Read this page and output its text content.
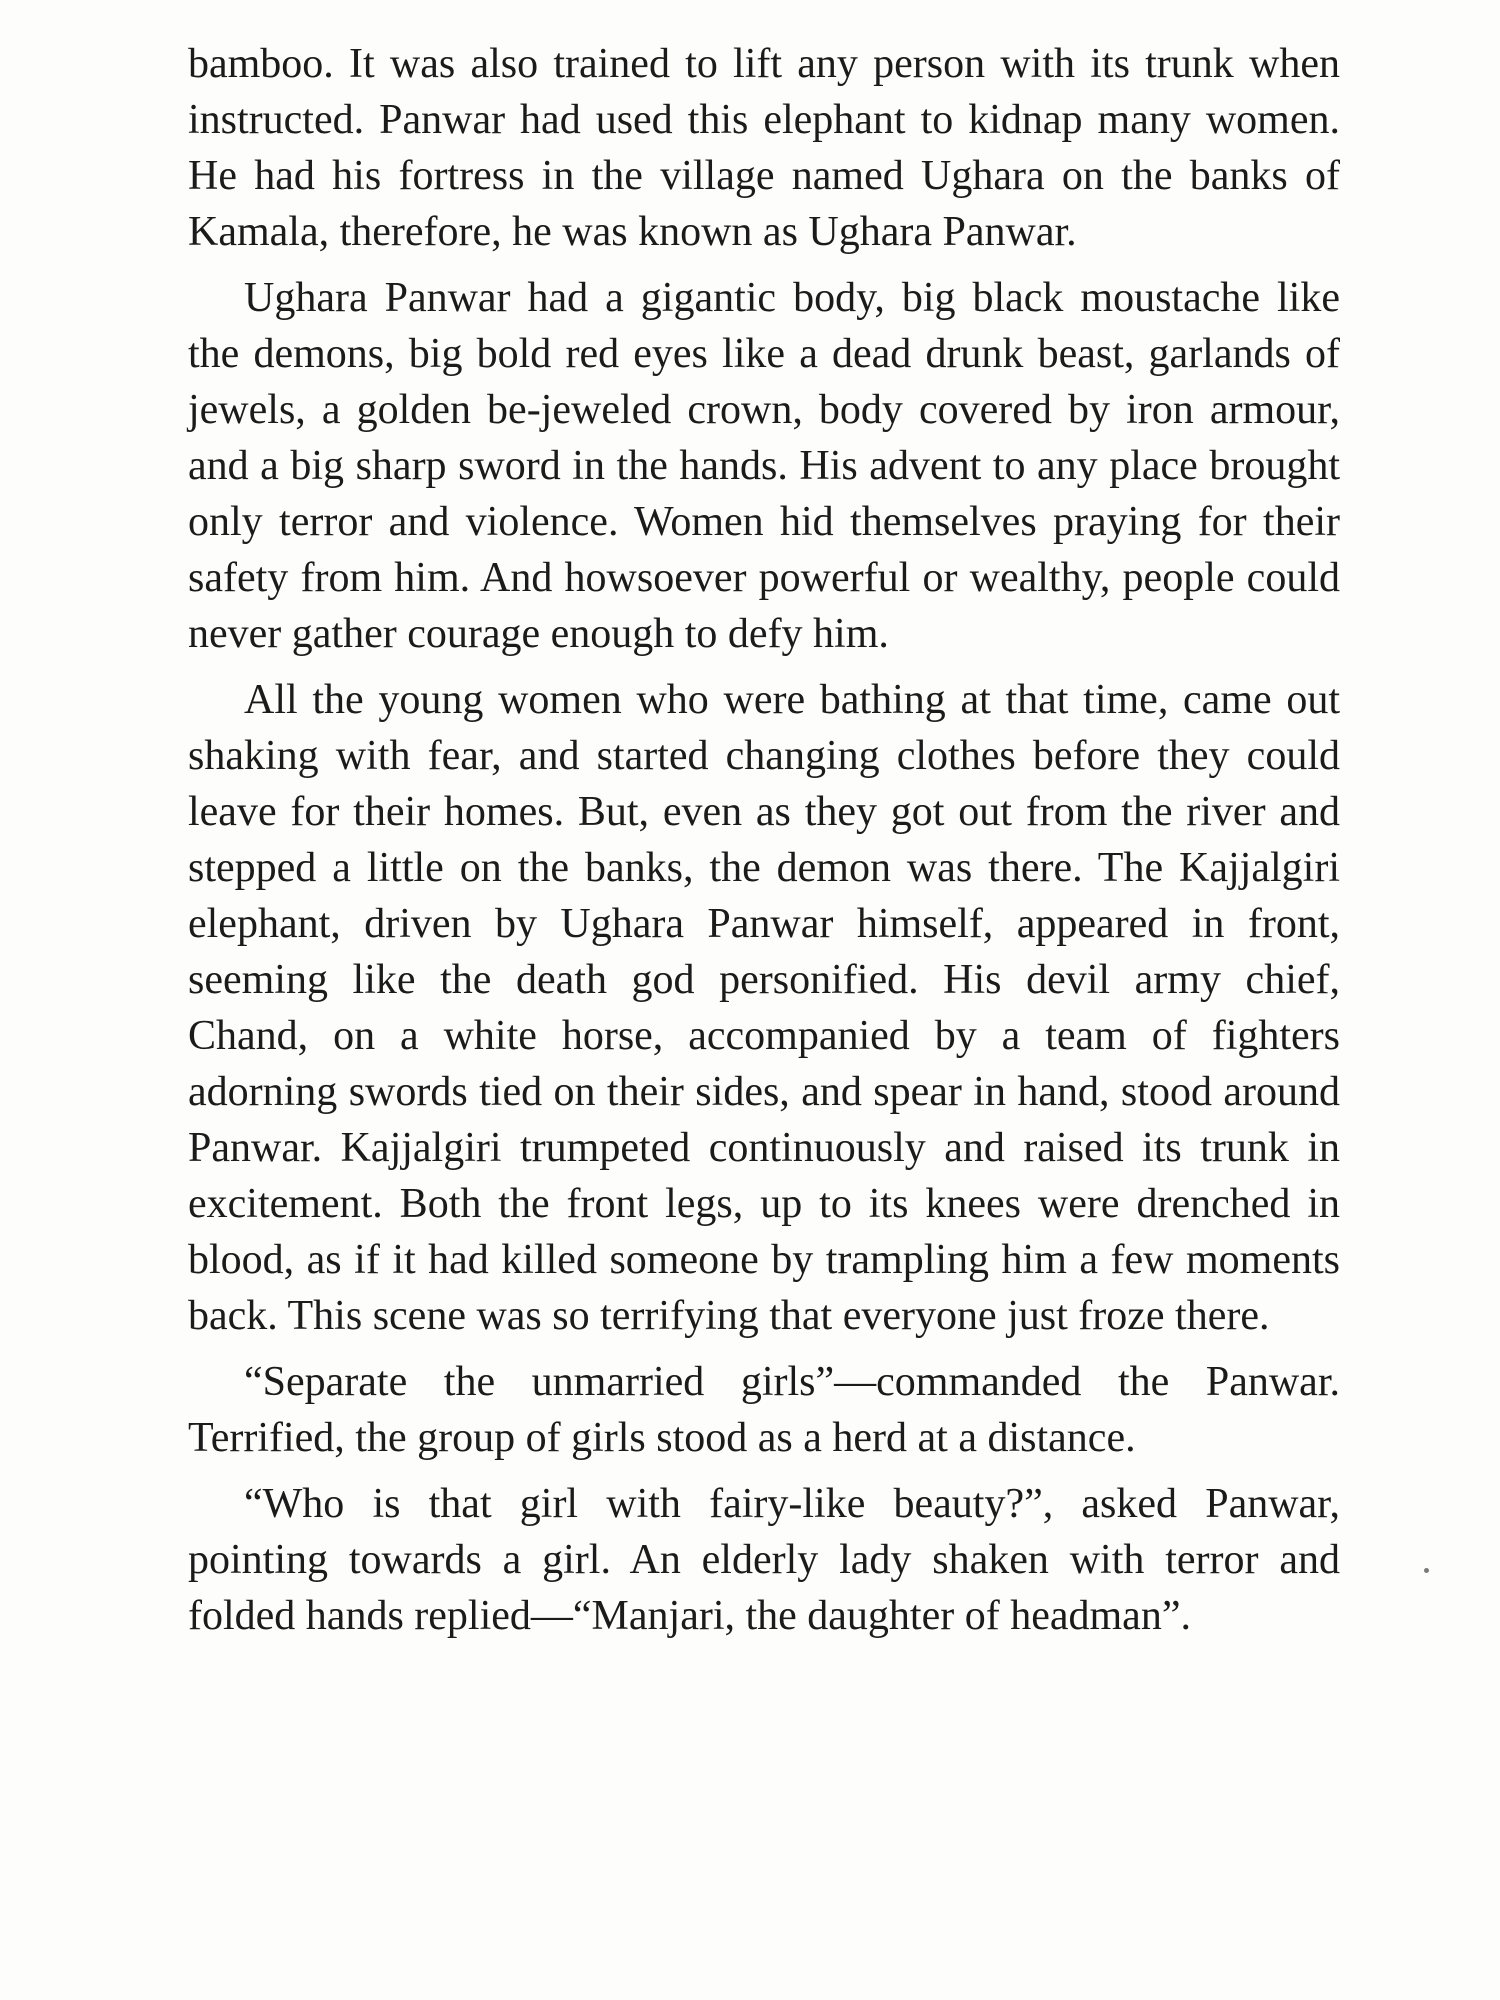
bamboo. It was also trained to lift any person with its trunk when instructed. Panwar had used this elephant to kidnap many women. He had his fortress in the village named Ughara on the banks of Kamala, therefore, he was known as Ughara Panwar.

Ughara Panwar had a gigantic body, big black moustache like the demons, big bold red eyes like a dead drunk beast, garlands of jewels, a golden be-jeweled crown, body covered by iron armour, and a big sharp sword in the hands. His advent to any place brought only terror and violence. Women hid themselves praying for their safety from him. And howsoever powerful or wealthy, people could never gather courage enough to defy him.

All the young women who were bathing at that time, came out shaking with fear, and started changing clothes before they could leave for their homes. But, even as they got out from the river and stepped a little on the banks, the demon was there. The Kajjalgiri elephant, driven by Ughara Panwar himself, appeared in front, seeming like the death god personified. His devil army chief, Chand, on a white horse, accompanied by a team of fighters adorning swords tied on their sides, and spear in hand, stood around Panwar. Kajjalgiri trumpeted continuously and raised its trunk in excitement. Both the front legs, up to its knees were drenched in blood, as if it had killed someone by trampling him a few moments back. This scene was so terrifying that everyone just froze there.

“Separate the unmarried girls”—commanded the Panwar. Terrified, the group of girls stood as a herd at a distance.

“Who is that girl with fairy-like beauty?”, asked Panwar, pointing towards a girl. An elderly lady shaken with terror and folded hands replied—“Manjari, the daughter of headman”.
